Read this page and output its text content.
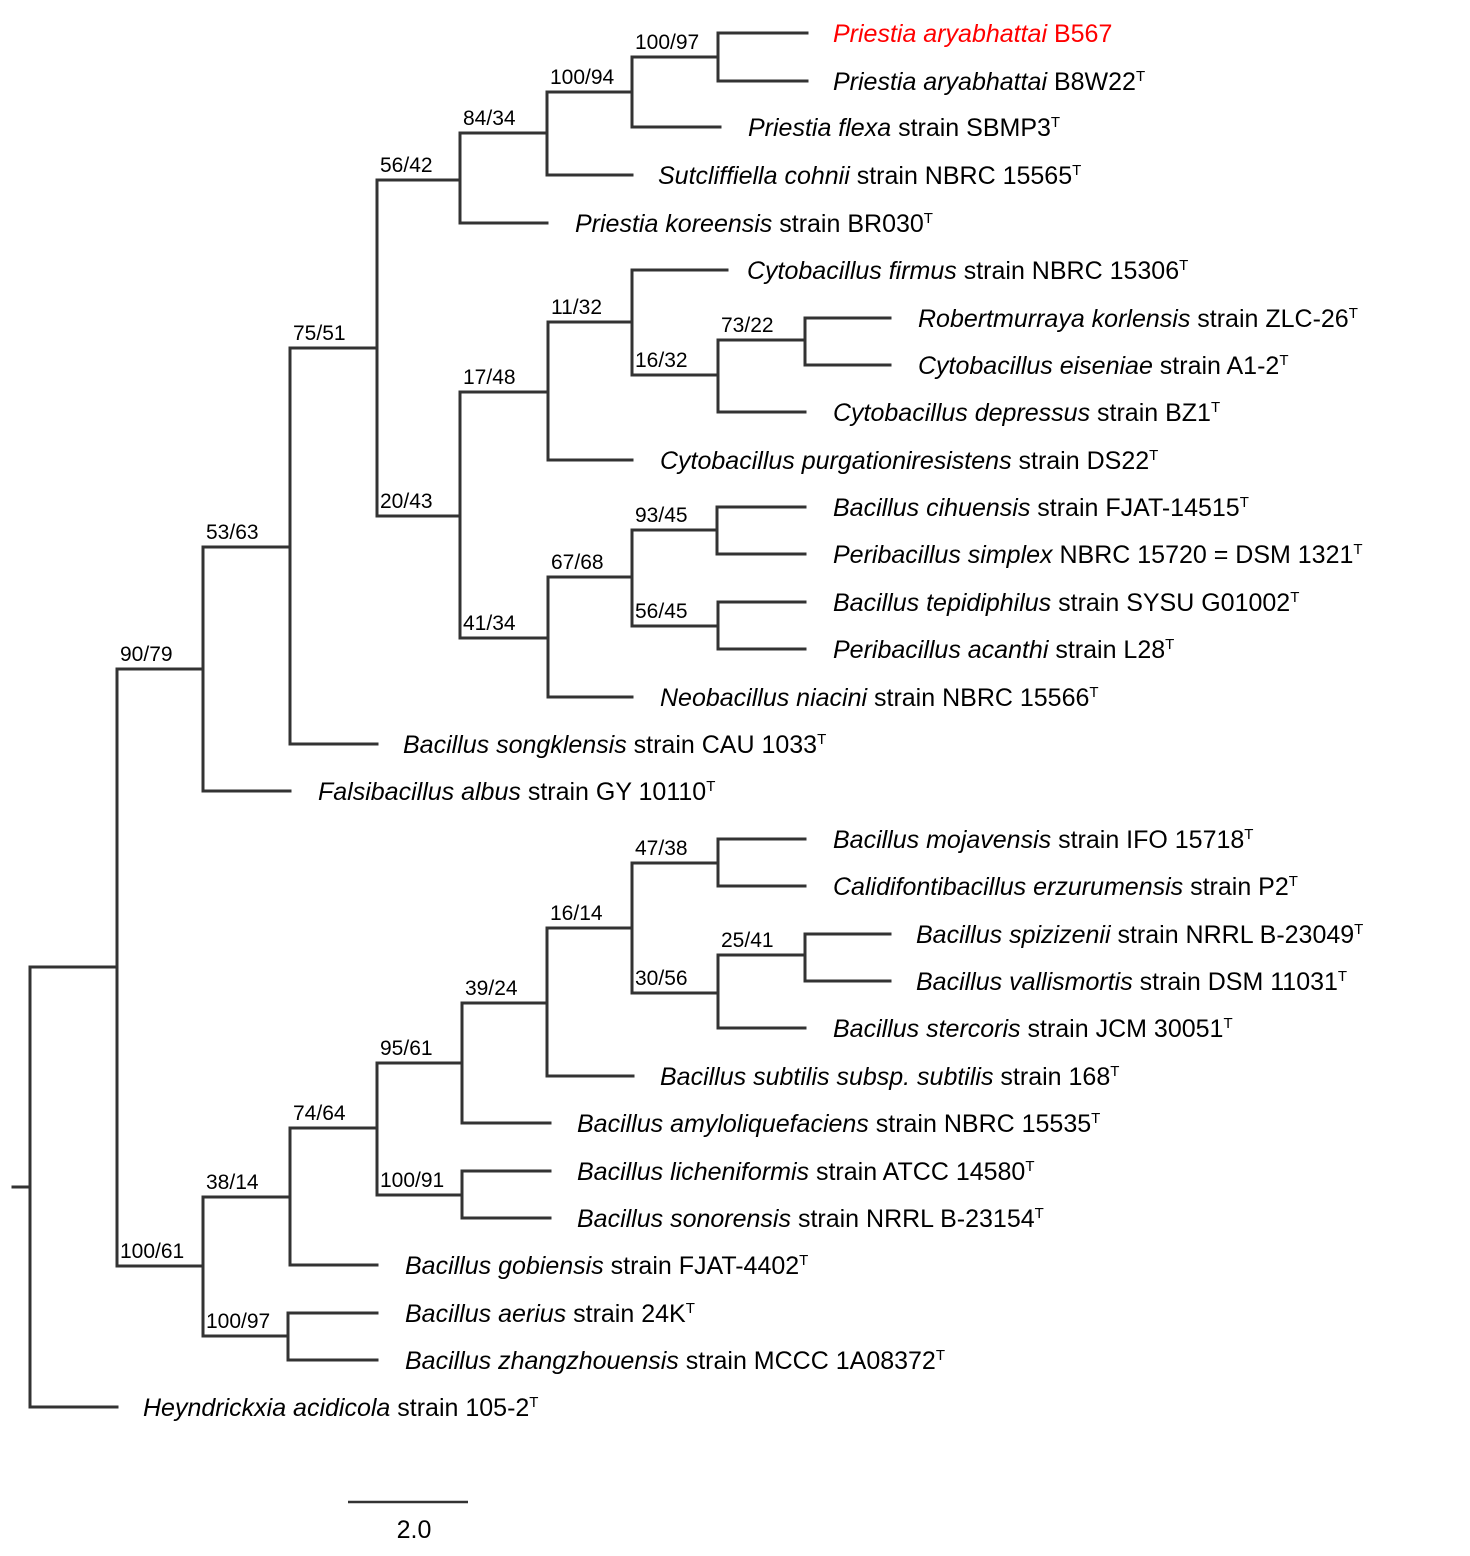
90/79
53/63
75/51
56/42
84/34
100/94
100/97
20/43
17/48
11/32
16/32
73/22
41/34
67/68
93/45
56/45
100/61
38/14
74/64
95/61
39/24
16/14
47/38
30/56
25/41
100/91
100/97
Priestia aryabhattai B567
Priestia aryabhattai $B8W22^T$
Priestia flexa strain $SBMP3^T$
Sutcliffiella cohnii strain NBRC $15565^T$
Priestia koreensis strain $BR030^T$
Cytobacillus firmus strain NBRC $15306^T$
Robertmurraya korlensis strain ZLC-$26^T$
Cytobacillus eiseniae strain $A1-2^T$
Cytobacillus depressus strain $BZ1^T$
Cytobacillus purgationiresistens strain $DS22^T$
Bacillus cihuensis strain FJAT-$14515^T$
Peribacillus simplex NBRC 15720 = DSM $1321^T$
Bacillus tepidiphilus strain SYSU $G01002^T$
Peribacillus acanthi strain $L28^T$
Neobacillus niacini strain NBRC $15566^T$
Bacillus songklensis strain CAU $1033^T$
Falsibacillus albus strain GY $10110^T$
Bacillus mojavensis strain IFO $15718^T$
Calidifontibacillus erzurumensis strain $P2^T$
Bacillus spizizenii strain NRRL $B-23049^T$
Bacillus vallismortis strain DSM $11031^T$
Bacillus stercoris strain JCM $30051^T$
Bacillus subtilis subsp. subtilis strain $168^T$
Bacillus amyloliquefaciens strain NBRC $15535^T$
Bacillus licheniformis strain ATCC $14580^T$
Bacillus sonorensis strain NRRL $B-23154^T$
Bacillus gobiensis strain FJAT-$4402^T$
Bacillus aerius strain $24K^T$
Bacillus zhangzhouensis strain MCCC $1A08372^T$
Heyndrickxia acidicola strain $105-2^T$
2.0
